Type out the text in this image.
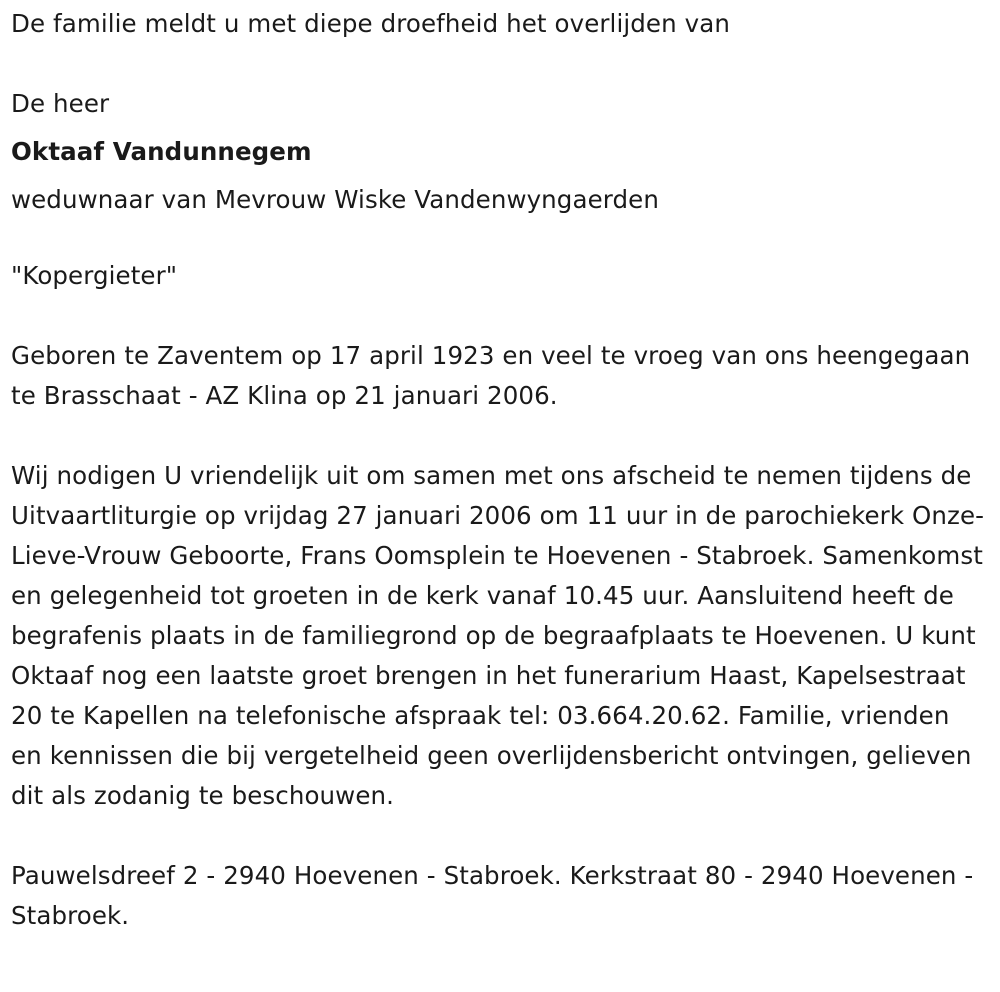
De familie meldt u met diepe droefheid het overlijden van

De heer

Oktaaf Vandunnegem

weduwnaar van Mevrouw Wiske Vandenwyngaerden

"Kopergieter"

Geboren te Zaventem op 17 april 1923 en veel te vroeg van ons heengegaan te Brasschaat - AZ Klina op 21 januari 2006.

Wij nodigen U vriendelijk uit om samen met ons afscheid te nemen tijdens de Uitvaartliturgie op vrijdag 27 januari 2006 om 11 uur in de parochiekerk Onze-Lieve-Vrouw Geboorte, Frans Oomsplein te Hoevenen - Stabroek. Samenkomst en gelegenheid tot groeten in de kerk vanaf 10.45 uur. Aansluitend heeft de begrafenis plaats in de familiegrond op de begraafplaats te Hoevenen. U kunt Oktaaf nog een laatste groet brengen in het funerarium Haast, Kapelsestraat 20 te Kapellen na telefonische afspraak tel: 03.664.20.62. Familie, vrienden en kennissen die bij vergetelheid geen overlijdensbericht ontvingen, gelieven dit als zodanig te beschouwen.

Pauwelsdreef 2 - 2940 Hoevenen - Stabroek. Kerkstraat 80 - 2940 Hoevenen - Stabroek.
